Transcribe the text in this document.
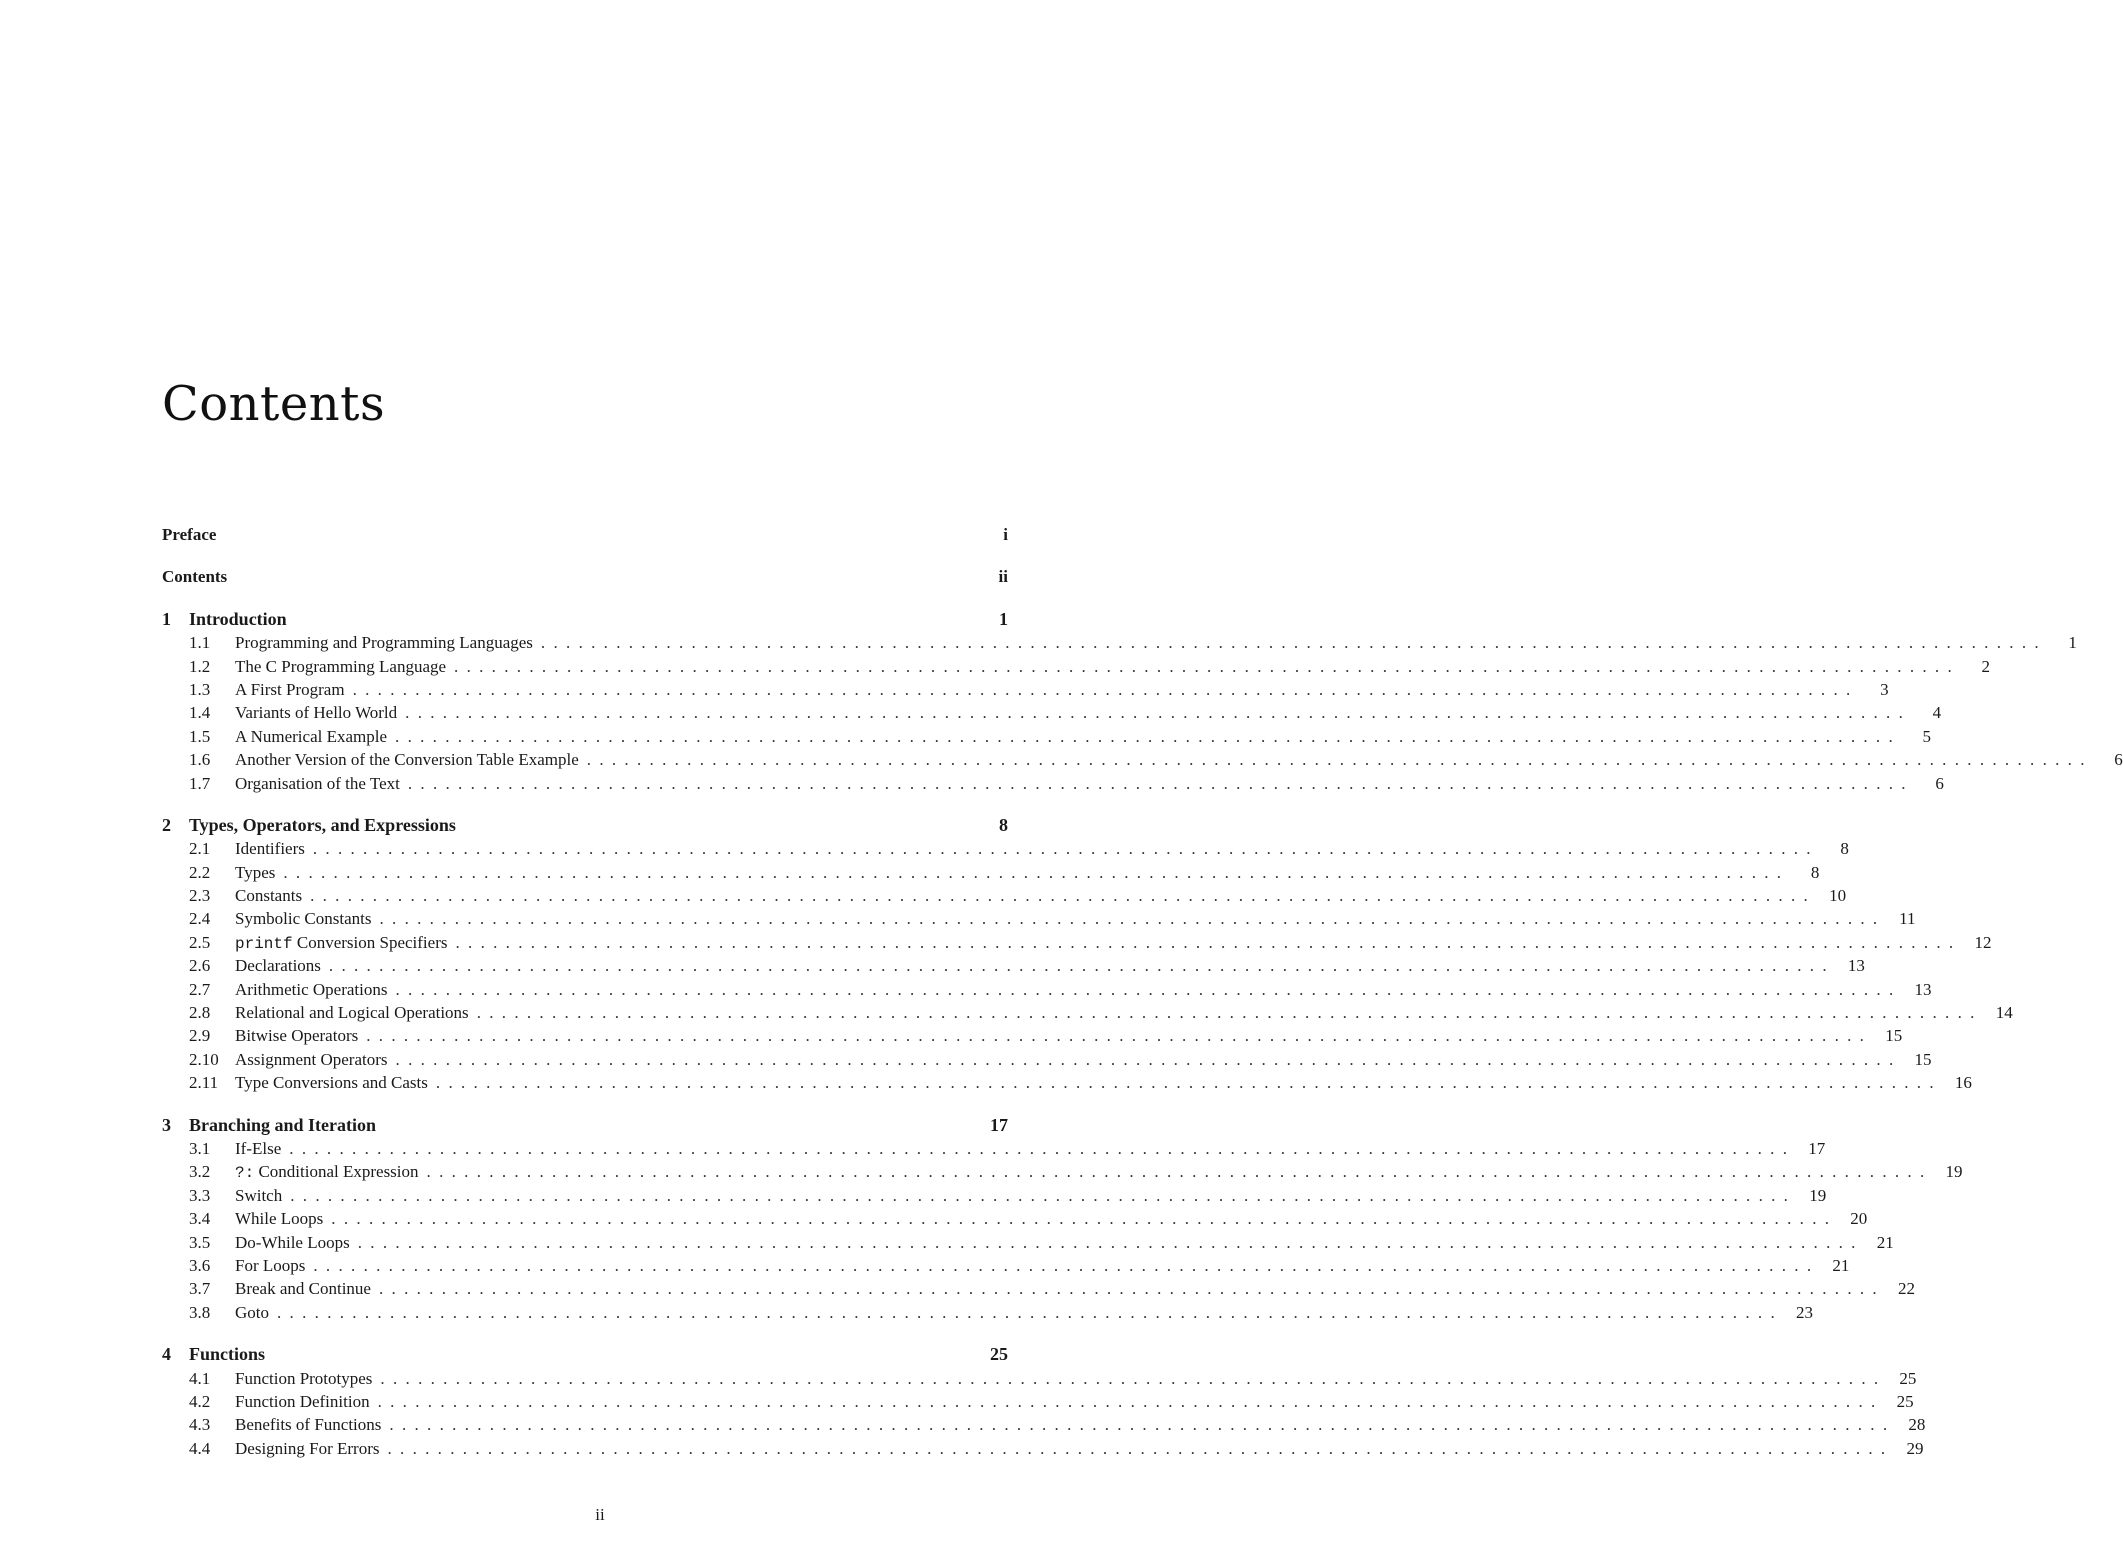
Contents
Preface	i
Contents	ii
1	Introduction	1
1.1	Programming and Programming Languages ........................................................................................................................	1
1.2	The C Programming Language ........................................................................................................................	2
1.3	A First Program ........................................................................................................................	3
1.4	Variants of Hello World ........................................................................................................................	4
1.5	A Numerical Example ........................................................................................................................	5
1.6	Another Version of the Conversion Table Example ........................................................................................................................	6
1.7	Organisation of the Text ........................................................................................................................	6
2	Types, Operators, and Expressions	8
2.1	Identifiers ........................................................................................................................	8
2.2	Types ........................................................................................................................	8
2.3	Constants ........................................................................................................................ 10
2.4	Symbolic Constants ........................................................................................................................ 11
2.5	printf Conversion Specifiers ........................................................................................................................ 12
2.6	Declarations ........................................................................................................................ 13
2.7	Arithmetic Operations ........................................................................................................................ 13
2.8	Relational and Logical Operations ........................................................................................................................ 14
2.9	Bitwise Operators ........................................................................................................................ 15
2.10 Assignment Operators ........................................................................................................................ 15
2.11 Type Conversions and Casts ........................................................................................................................ 16
3	Branching and Iteration	17
3.1	If-Else ........................................................................................................................ 17
3.2	?: Conditional Expression ........................................................................................................................ 19
3.3	Switch ........................................................................................................................ 19
3.4	While Loops ........................................................................................................................ 20
3.5	Do-While Loops ........................................................................................................................ 21
3.6	For Loops ........................................................................................................................ 21
3.7	Break and Continue ........................................................................................................................ 22
3.8	Goto ........................................................................................................................ 23
4	Functions	25
4.1	Function Prototypes ........................................................................................................................ 25
4.2	Function Definition ........................................................................................................................ 25
4.3	Benefits of Functions ........................................................................................................................ 28
4.4	Designing For Errors ........................................................................................................................ 29
ii
